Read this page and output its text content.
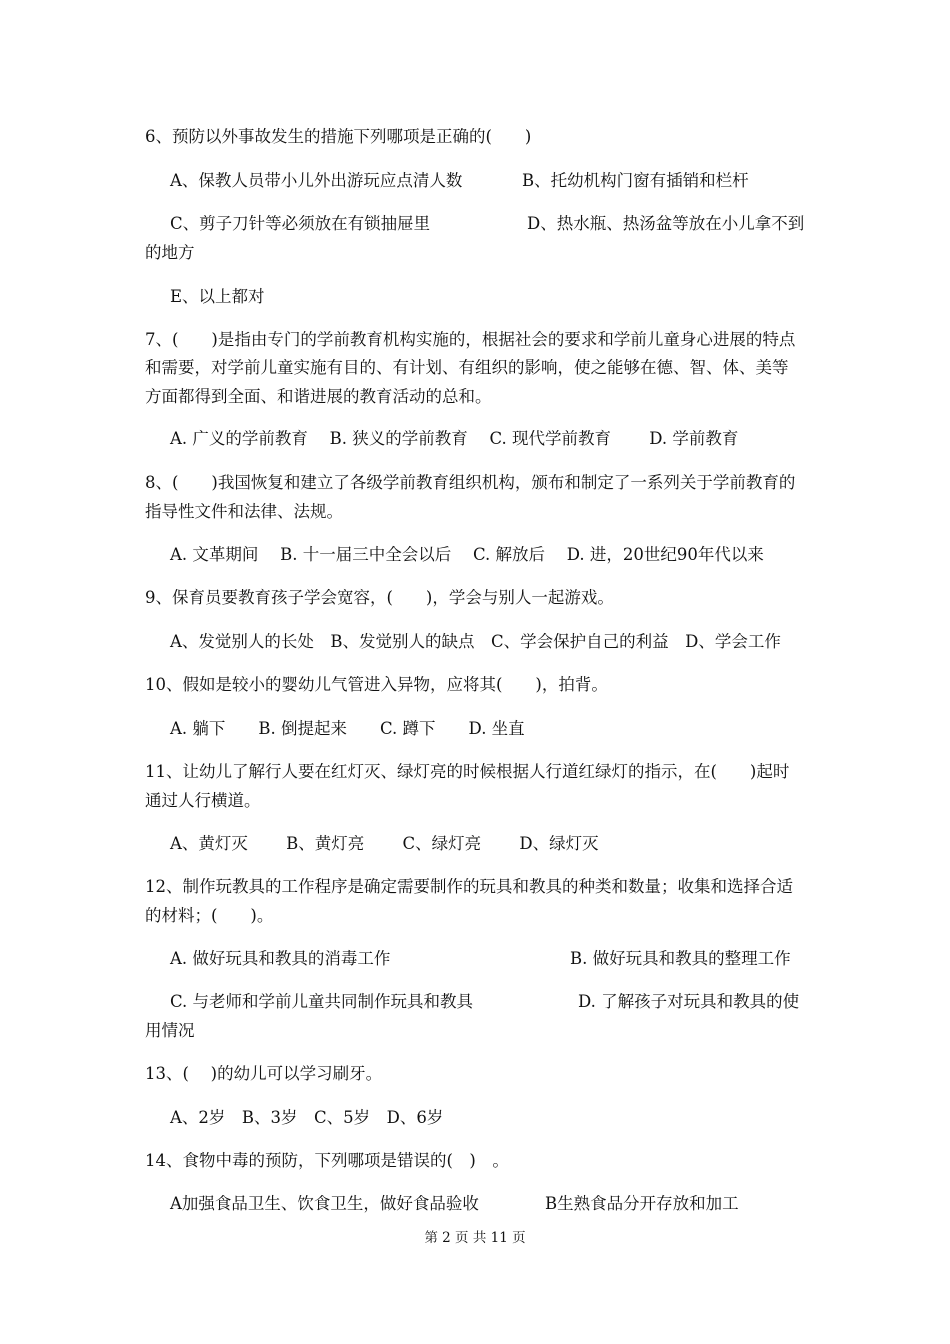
6、预防以外事故发生的措施下列哪项是正确的(　　)
A、保教人员带小儿外出游玩应点清人数	B、托幼机构门窗有插销和栏杆
C、剪子刀针等必须放在有锁抽屉里	D、热水瓶、热汤盆等放在小儿拿不到
的地方
E、以上都对
7、(　　)是指由专门的学前教育机构实施的，根据社会的要求和学前儿童身心进展的特点
和需要，对学前儿童实施有目的、有计划、有组织的影响，使之能够在德、智、体、美等
方面都得到全面、和谐进展的教育活动的总和。
A. 广义的学前教育　 B. 狭义的学前教育　 C. 现代学前教育　　 D. 学前教育
8、(　　)我国恢复和建立了各级学前教育组织机构，颁布和制定了一系列关于学前教育的
指导性文件和法律、法规。
A. 文革期间　 B. 十一届三中全会以后　 C. 解放后　 D. 进，20世纪90年代以来
9、保育员要教育孩子学会宽容，(　　)，学会与别人一起游戏。
A、发觉别人的长处　B、发觉别人的缺点　C、学会保护自己的利益　D、学会工作
10、假如是较小的婴幼儿气管进入异物，应将其(　　)，拍背。
A. 躺下　　B. 倒提起来　　C. 蹲下　　D. 坐直
11、让幼儿了解行人要在红灯灭、绿灯亮的时候根据人行道红绿灯的指示，在(　　)起时
通过人行横道。
A、黄灯灭　　 B、黄灯亮　　 C、绿灯亮　　 D、绿灯灭
12、制作玩教具的工作程序是确定需要制作的玩具和教具的种类和数量；收集和选择合适
的材料；(　　)。
A. 做好玩具和教具的消毒工作	B. 做好玩具和教具的整理工作
C. 与老师和学前儿童共同制作玩具和教具	D. 了解孩子对玩具和教具的使
用情况
13、(　 )的幼儿可以学习刷牙。
A、2岁　B、3岁　C、5岁　D、6岁
14、食物中毒的预防，下列哪项是错误的(　)　。
A加强食品卫生、饮食卫生，做好食品验收	B生熟食品分开存放和加工
第 2 页 共 11 页
